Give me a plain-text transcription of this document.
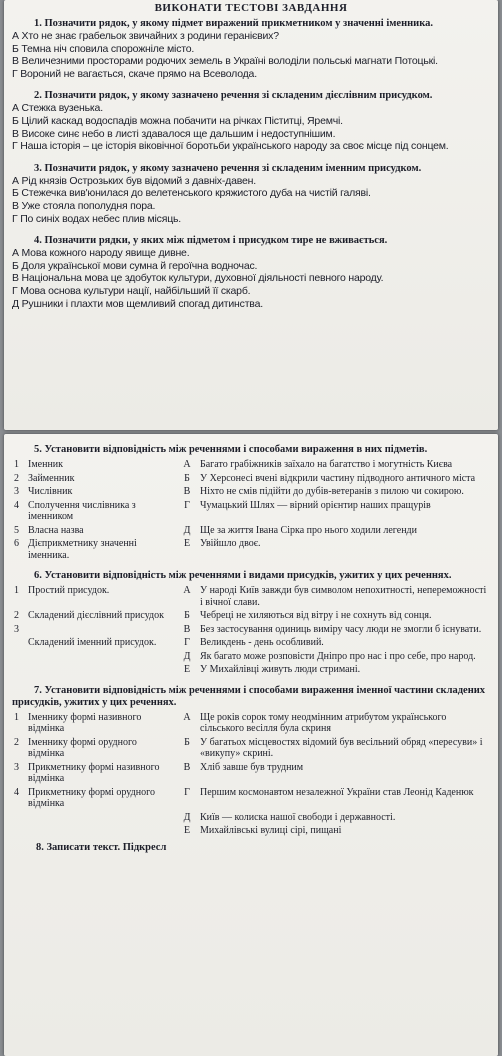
ВИКОНАТИ ТЕСТОВІ ЗАВДАННЯ
1. Позначити рядок, у якому підмет виражений прикметником у значенні іменника.
А Хто не знає грабельок звичайних з родини геранієвих?
Б Темна ніч сповила спорожніле місто.
В Величезними просторами родючих земель в Україні володіли польські магнати Потоцькі.
Г Вороний не вагається, скаче прямо на Всеволода.
2. Позначити рядок, у якому зазначено речення зі складеним дієслівним присудком.
А Стежка вузенька.
Б Цілий каскад водоспадів можна побачити на річках Піститці, Яремчі.
В Високе синє небо в листі здавалося ще дальшим і недоступнішим.
Г Наша історія – це історія віковічної боротьби українського народу за своє місце під сонцем.
3. Позначити рядок, у якому зазначено речення зі складеним іменним присудком.
А Рід князів Острозьких був відомий з давніх-давен.
Б Стежечка вив'юнилася до велетенського кряжистого дуба на чистій галяві.
В Уже стояла пополудня пора.
Г По синіх водах небес плив місяць.
4. Позначити рядки, у яких між підметом і присудком тире не вживається.
А Мова кожного народу явище дивне.
Б Доля української мови сумна й героїчна водночас.
В Національна мова це здобуток культури, духовної діяльності певного народу.
Г Мова основа культури нації, найбільший її скарб.
Д Рушники і плахти мов щемливий спогад дитинства.
5. Установити відповідність між реченнями і способами вираження в них підметів.
1	Іменник	А	Багато грабіжників заїхало на багатство і могутність Києва
2	Займенник	Б	У Херсонесі вчені відкрили частину підводного античного міста
3	Числівник	В	Ніхто не смів підійти до дубів-ветеранів з пилою чи сокирою.
4	Сполучення числівника з іменником	Г	Чумацький Шлях — вірний орієнтир наших пращурів
5	Власна назва	Д	Ще за життя Івана Сірка про нього ходили легенди
6	Дієприкметнику значенні іменника.	Е	Увійшло двоє.
6. Установити відповідність між реченнями і видами присудків, ужитих у цих реченнях.
1	Простий присудок.	А	У народі Київ завжди був символом непохитності, непереможності і вічної слави.
2	Складений дієслівний присудок	Б	Чебреці не хиляються від вітру і не сохнуть від сонця.
3		В	Без застосування одиниць виміру часу люди не змогли б існувати.
	Складений іменний присудок.	Г	Великдень - день особливий.
		Д	Як багато може розповісти Дніпро про нас і про себе, про народ.
		Е	У Михайлівці живуть люди стримані.
7. Установити відповідність між реченнями і способами вираження іменної частини складених присудків, ужитих у цих реченнях.
1	Іменнику формі називного відмінка	А	Ще років сорок тому неодмінним атрибутом українського сільського весілля була скриня
2	Іменнику формі орудного відмінка	Б	У багатьох місцевостях відомий був весільний обряд «пересуви» і «викупу» скрині.
3	Прикметнику формі називного відмінка	В	Хліб завше був трудним
4	Прикметнику формі орудного відмінка	Г	Першим космонавтом незалежної України став Леонід Каденюк
		Д	Київ — колиска нашої свободи і державності.
		Е	Михайлівські вулиці сірі, пищані
8. Записати текст. Підкресл
